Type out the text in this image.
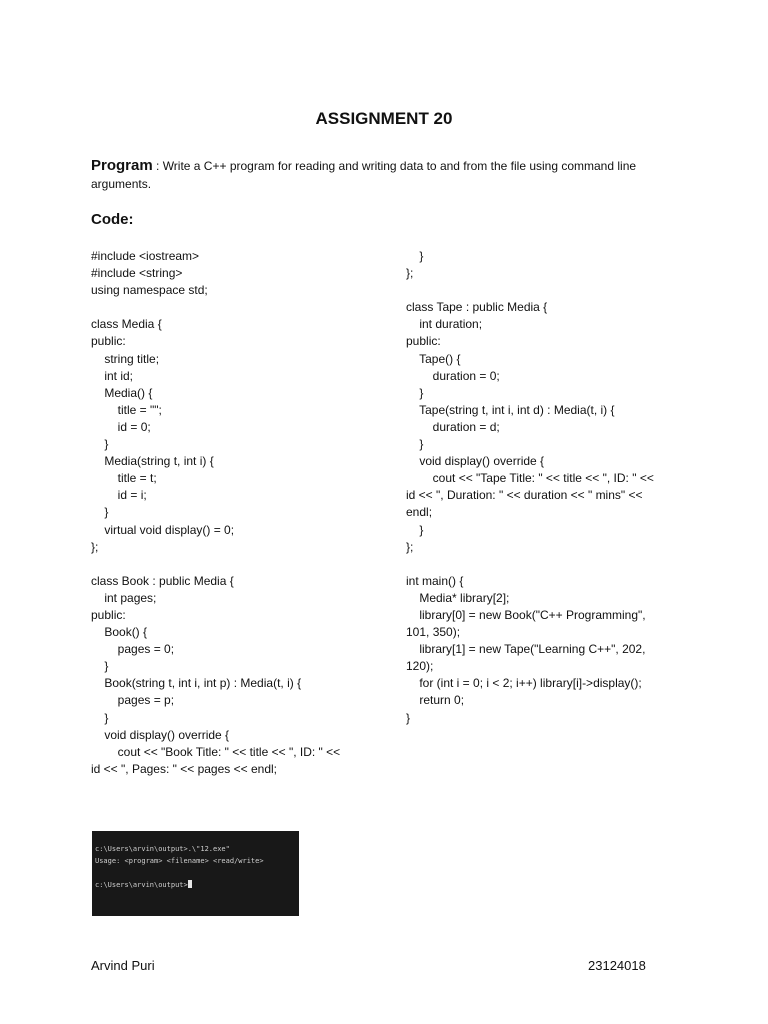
ASSIGNMENT 20
Program : Write a C++ program for reading and writing data to and from the file using command line arguments.
Code:
#include <iostream>
#include <string>
using namespace std;
class Media {
public:
string title;
int id;
Media() {
title = "";
id = 0;
}
Media(string t, int i) {
title = t;
id = i;
}
virtual void display() = 0;
};
class Book : public Media {
int pages;
public:
Book() {
pages = 0;
}
Book(string t, int i, int p) : Media(t, i) {
pages = p;
}
void display() override {
cout << "Book Title: " << title << ", ID: " <<
id << ", Pages: " << pages << endl;
}
};
class Tape : public Media {
int duration;
public:
Tape() {
duration = 0;
}
Tape(string t, int i, int d) : Media(t, i) {
duration = d;
}
void display() override {
cout << "Tape Title: " << title << ", ID: " <<
id << ", Duration: " << duration << " mins" <<
endl;
}
};
int main() {
Media* library[2];
library[0] = new Book("C++ Programming",
101, 350);
library[1] = new Tape("Learning C++", 202,
120);
for (int i = 0; i < 2; i++) library[i]->display();
return 0;
}
c:\Users\arvin\output>.\"12.exe"
Usage: <program> <filename> <read/write>
c:\Users\arvin\output>
Arvind Puri	23124018
